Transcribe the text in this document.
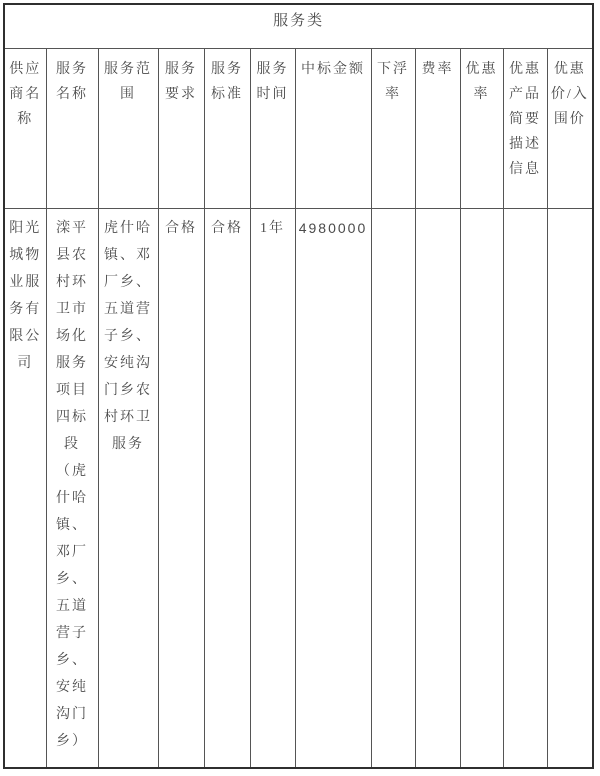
服务类											
供应商名称	服务名称	服务范围	服务要求	服务标准	服务时间	中标金额	下浮率	费率	优惠率	优惠产品简要描述信息	优惠价/入围价
阳光城物业服务有限公司	滦平县农村环卫市场化服务项目四标段（虎什哈镇、邓厂乡、五道营子乡、安纯沟门乡）	虎什哈镇、邓厂乡、五道营子乡、安纯沟门乡农村环卫服务	合格	合格	1年	4980000					
